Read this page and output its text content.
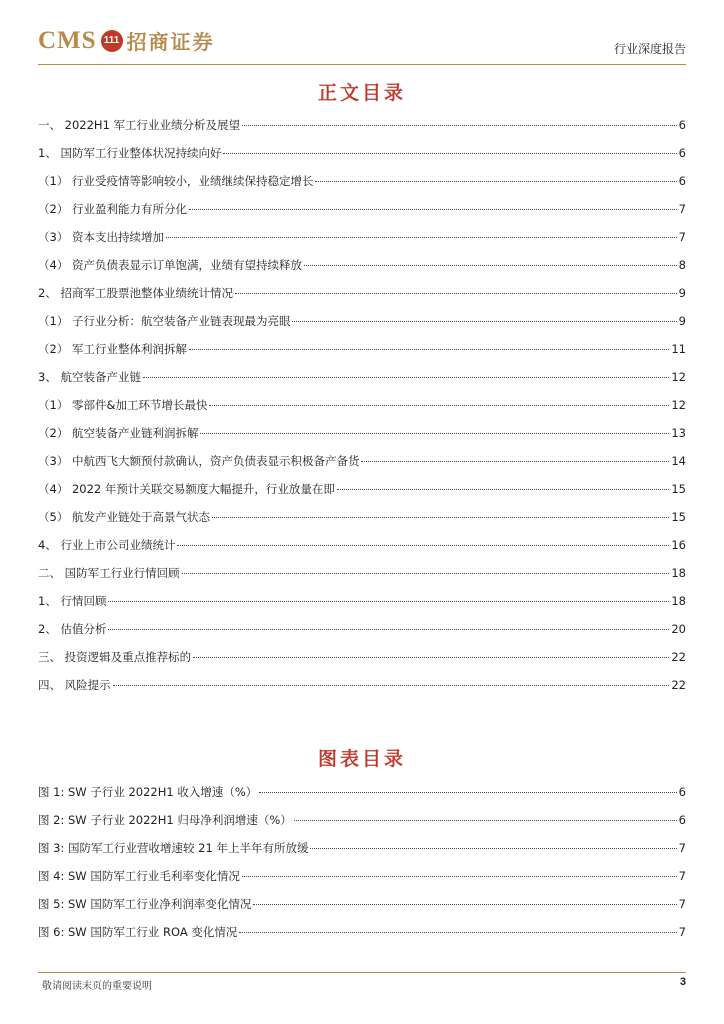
CMS 111 招商证券	行业深度报告
正文目录
一、 2022H1 军工行业业绩分析及展望	6
1、 国防军工行业整体状况持续向好	6
（1） 行业受疫情等影响较小，业绩继续保持稳定增长	6
（2） 行业盈利能力有所分化	7
（3） 资本支出持续增加	7
（4） 资产负债表显示订单饱满，业绩有望持续释放	8
2、 招商军工股票池整体业绩统计情况	9
（1） 子行业分析：航空装备产业链表现最为亮眼	9
（2） 军工行业整体利润拆解	11
3、 航空装备产业链	12
（1） 零部件&加工环节增长最快	12
（2） 航空装备产业链利润拆解	13
（3） 中航西飞大额预付款确认，资产负债表显示积极备产备货	14
（4） 2022 年预计关联交易额度大幅提升，行业放量在即	15
（5） 航发产业链处于高景气状态	15
4、 行业上市公司业绩统计	16
二、 国防军工行业行情回顾	18
1、 行情回顾	18
2、 估值分析	20
三、 投资逻辑及重点推荐标的	22
四、 风险提示	22
图表目录
图 1: SW 子行业 2022H1 收入增速（%）	6
图 2: SW 子行业 2022H1 归母净利润增速（%）	6
图 3: 国防军工行业营收增速较 21 年上半年有所放缓	7
图 4: SW 国防军工行业毛利率变化情况	7
图 5: SW 国防军工行业净利润率变化情况	7
图 6: SW 国防军工行业 ROA 变化情况	7
敬请阅读末页的重要说明	3
